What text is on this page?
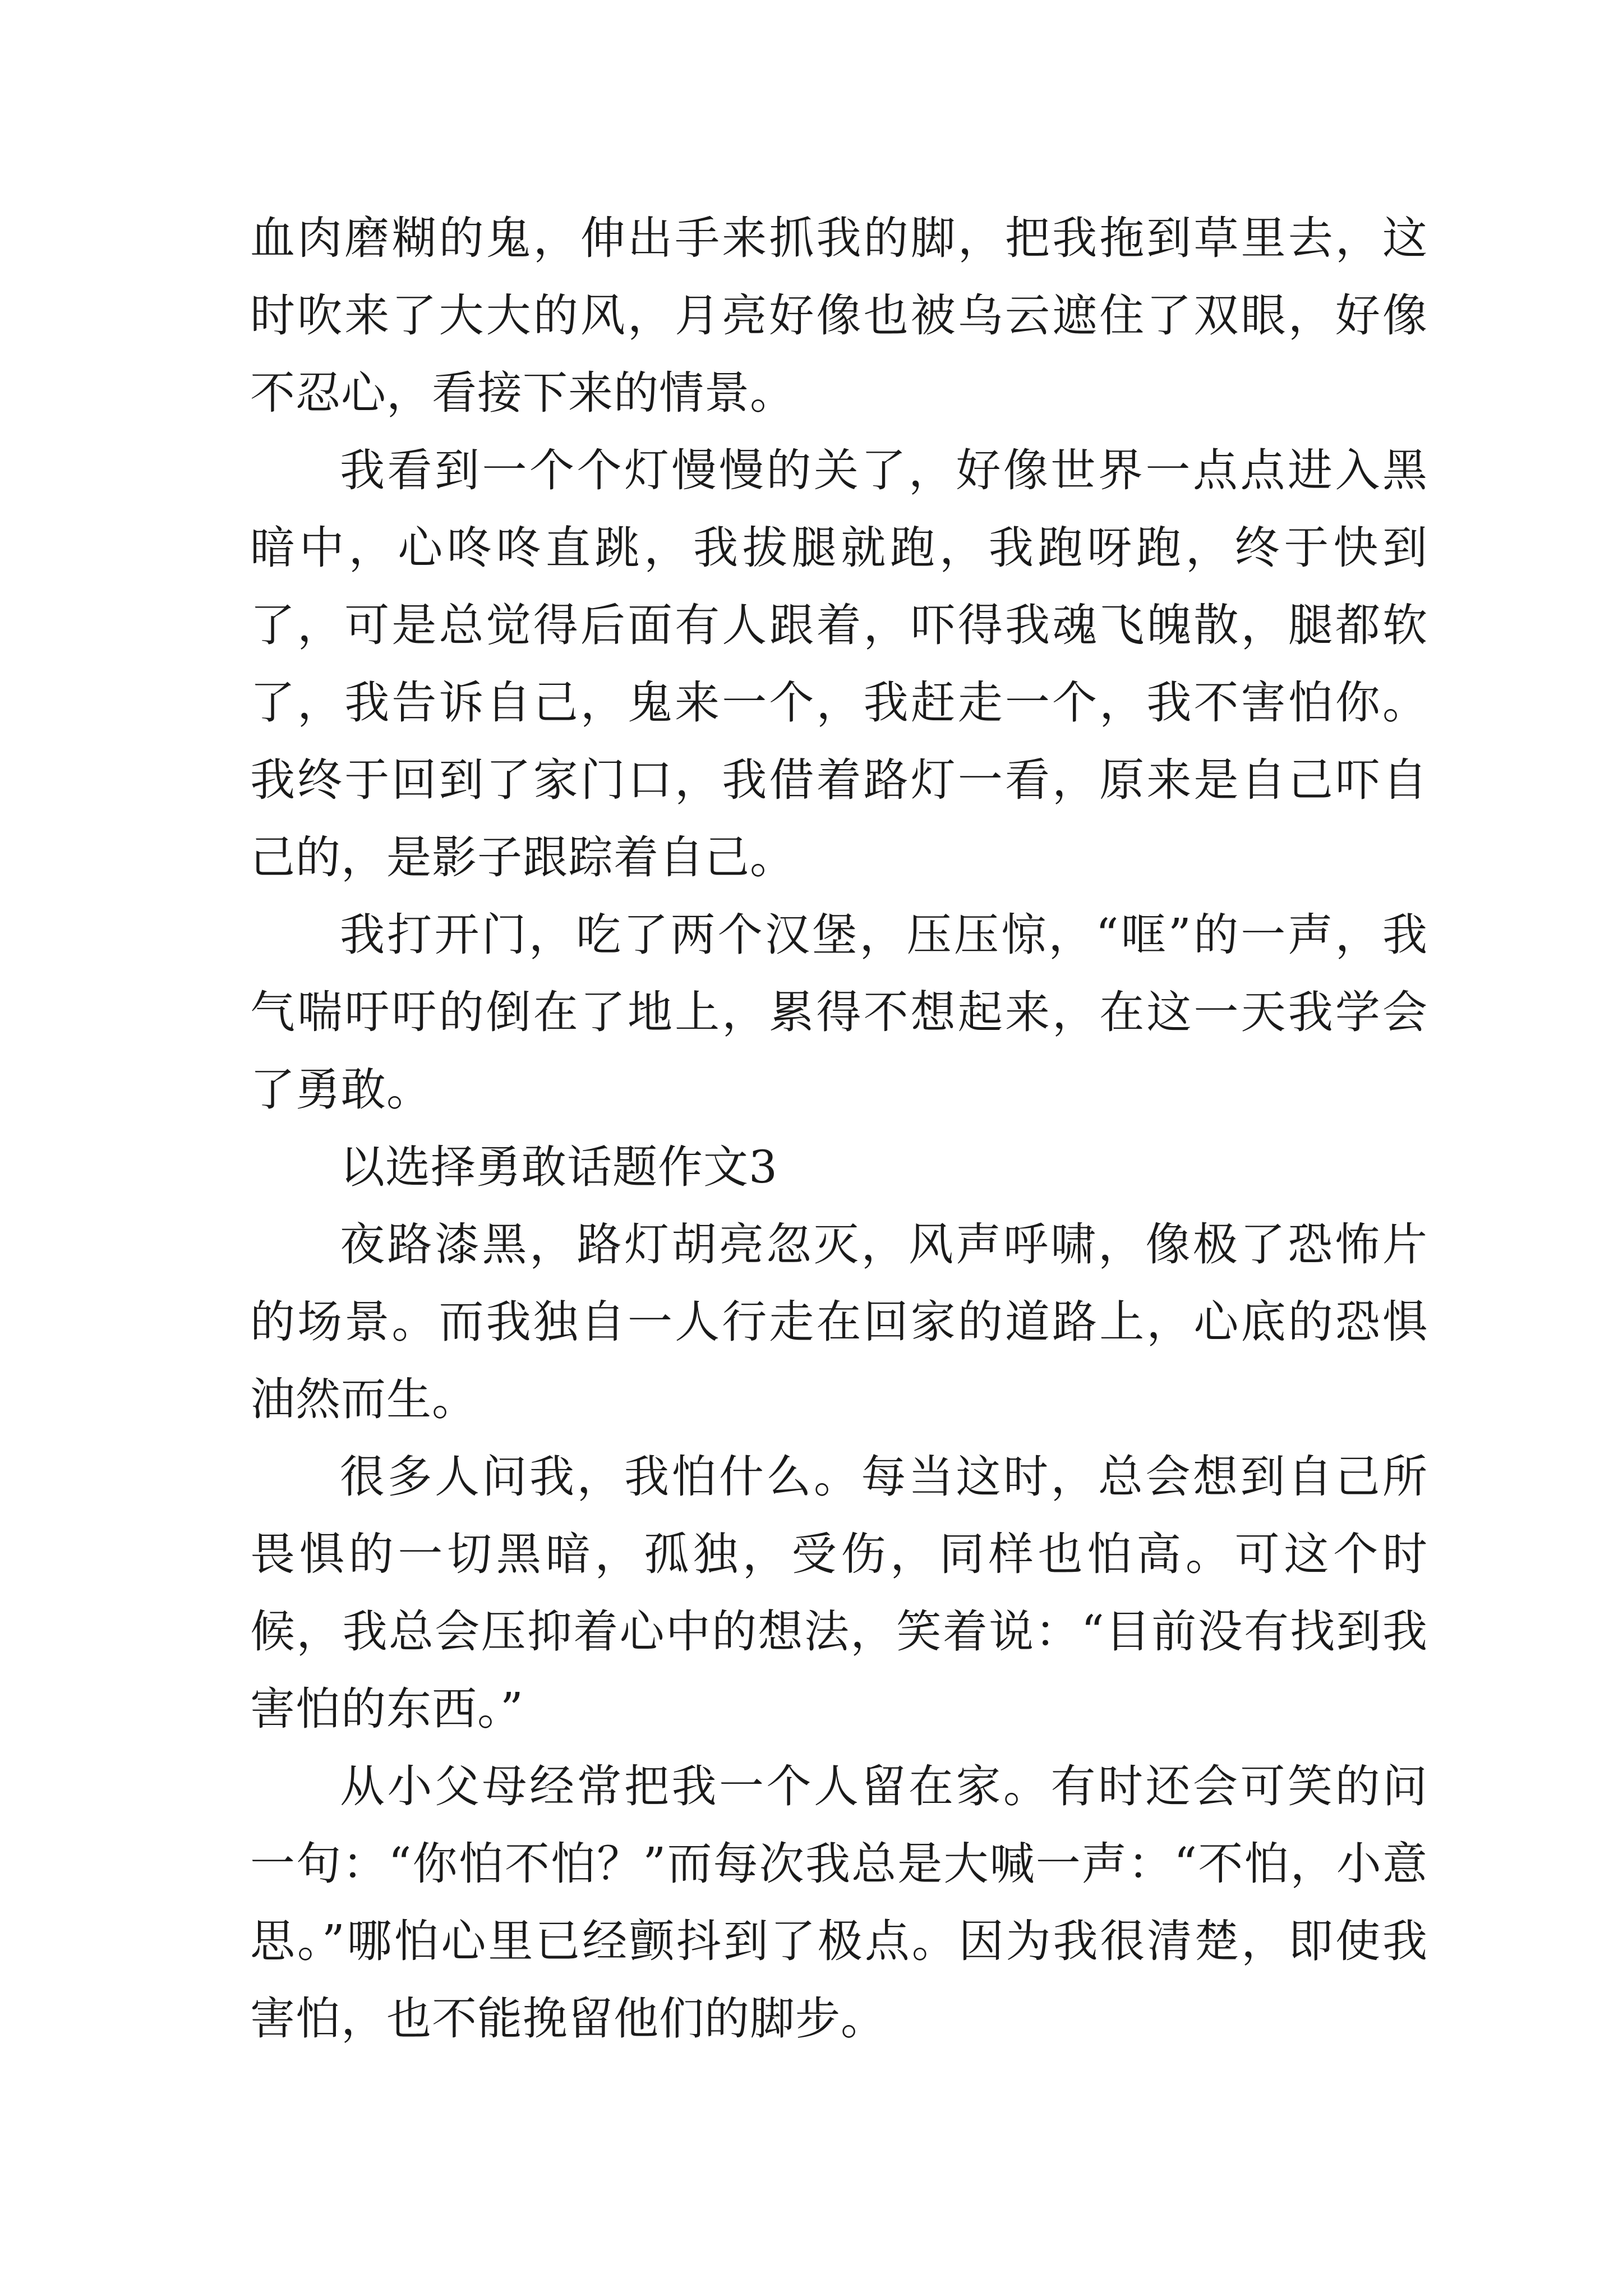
血肉磨糊的鬼，伸出手来抓我的脚，把我拖到草里去，这时吹来了大大的风，月亮好像也被乌云遮住了双眼，好像不忍心，看接下来的情景。

我看到一个个灯慢慢的关了，好像世界一点点进入黑暗中，心咚咚直跳，我拔腿就跑，我跑呀跑，终于快到了，可是总觉得后面有人跟着，吓得我魂飞魄散，腿都软了，我告诉自己，鬼来一个，我赶走一个，我不害怕你。我终于回到了家门口，我借着路灯一看，原来是自己吓自己的，是影子跟踪着自己。

我打开门，吃了两个汉堡，压压惊，“哐”的一声，我气喘吁吁的倒在了地上，累得不想起来，在这一天我学会了勇敢。

以选择勇敢话题作文3

夜路漆黑，路灯胡亮忽灭，风声呼啸，像极了恐怖片的场景。而我独自一人行走在回家的道路上，心底的恐惧油然而生。

很多人问我，我怕什么。每当这时，总会想到自己所畏惧的一切黑暗，孤独，受伤，同样也怕高。可这个时候，我总会压抑着心中的想法，笑着说：“目前没有找到我害怕的东西。”

从小父母经常把我一个人留在家。有时还会可笑的问一句：“你怕不怕？”而每次我总是大喊一声：“不怕，小意思。”哪怕心里已经颤抖到了极点。因为我很清楚，即使我害怕，也不能挽留他们的脚步。
